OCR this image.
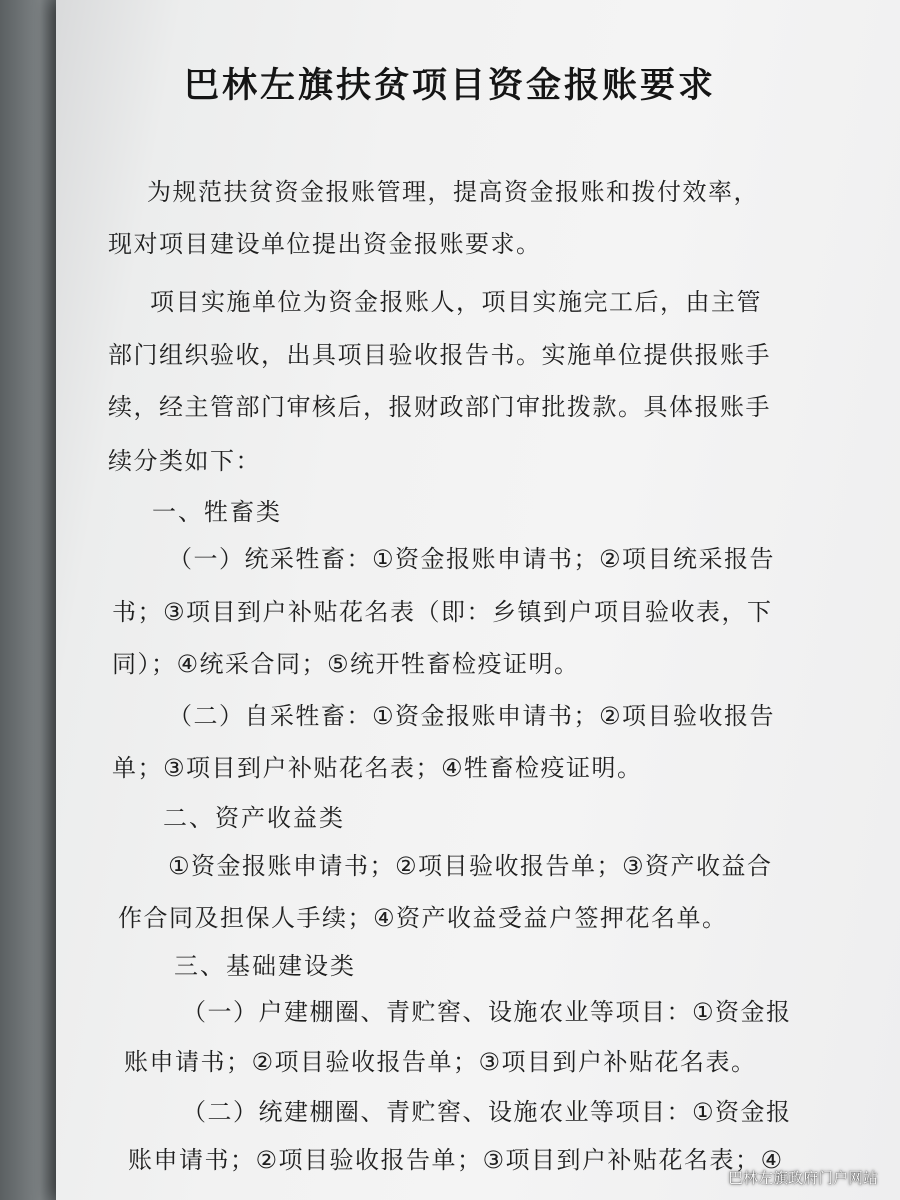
巴林左旗扶贫项目资金报账要求
为规范扶贫资金报账管理，提高资金报账和拨付效率，
现对项目建设单位提出资金报账要求。
项目实施单位为资金报账人，项目实施完工后，由主管
部门组织验收，出具项目验收报告书。实施单位提供报账手
续，经主管部门审核后，报财政部门审批拨款。具体报账手
续分类如下：
一、牲畜类
（一）统采牲畜：①资金报账申请书；②项目统采报告
书；③项目到户补贴花名表（即：乡镇到户项目验收表，下
同）；④统采合同；⑤统开牲畜检疫证明。
（二）自采牲畜：①资金报账申请书；②项目验收报告
单；③项目到户补贴花名表；④牲畜检疫证明。
二、资产收益类
①资金报账申请书；②项目验收报告单；③资产收益合
作合同及担保人手续；④资产收益受益户签押花名单。
三、基础建设类
（一）户建棚圈、青贮窖、设施农业等项目：①资金报
账申请书；②项目验收报告单；③项目到户补贴花名表。
（二）统建棚圈、青贮窖、设施农业等项目：①资金报
账申请书；②项目验收报告单；③项目到户补贴花名表；④
巴林左旗政府门户网站
